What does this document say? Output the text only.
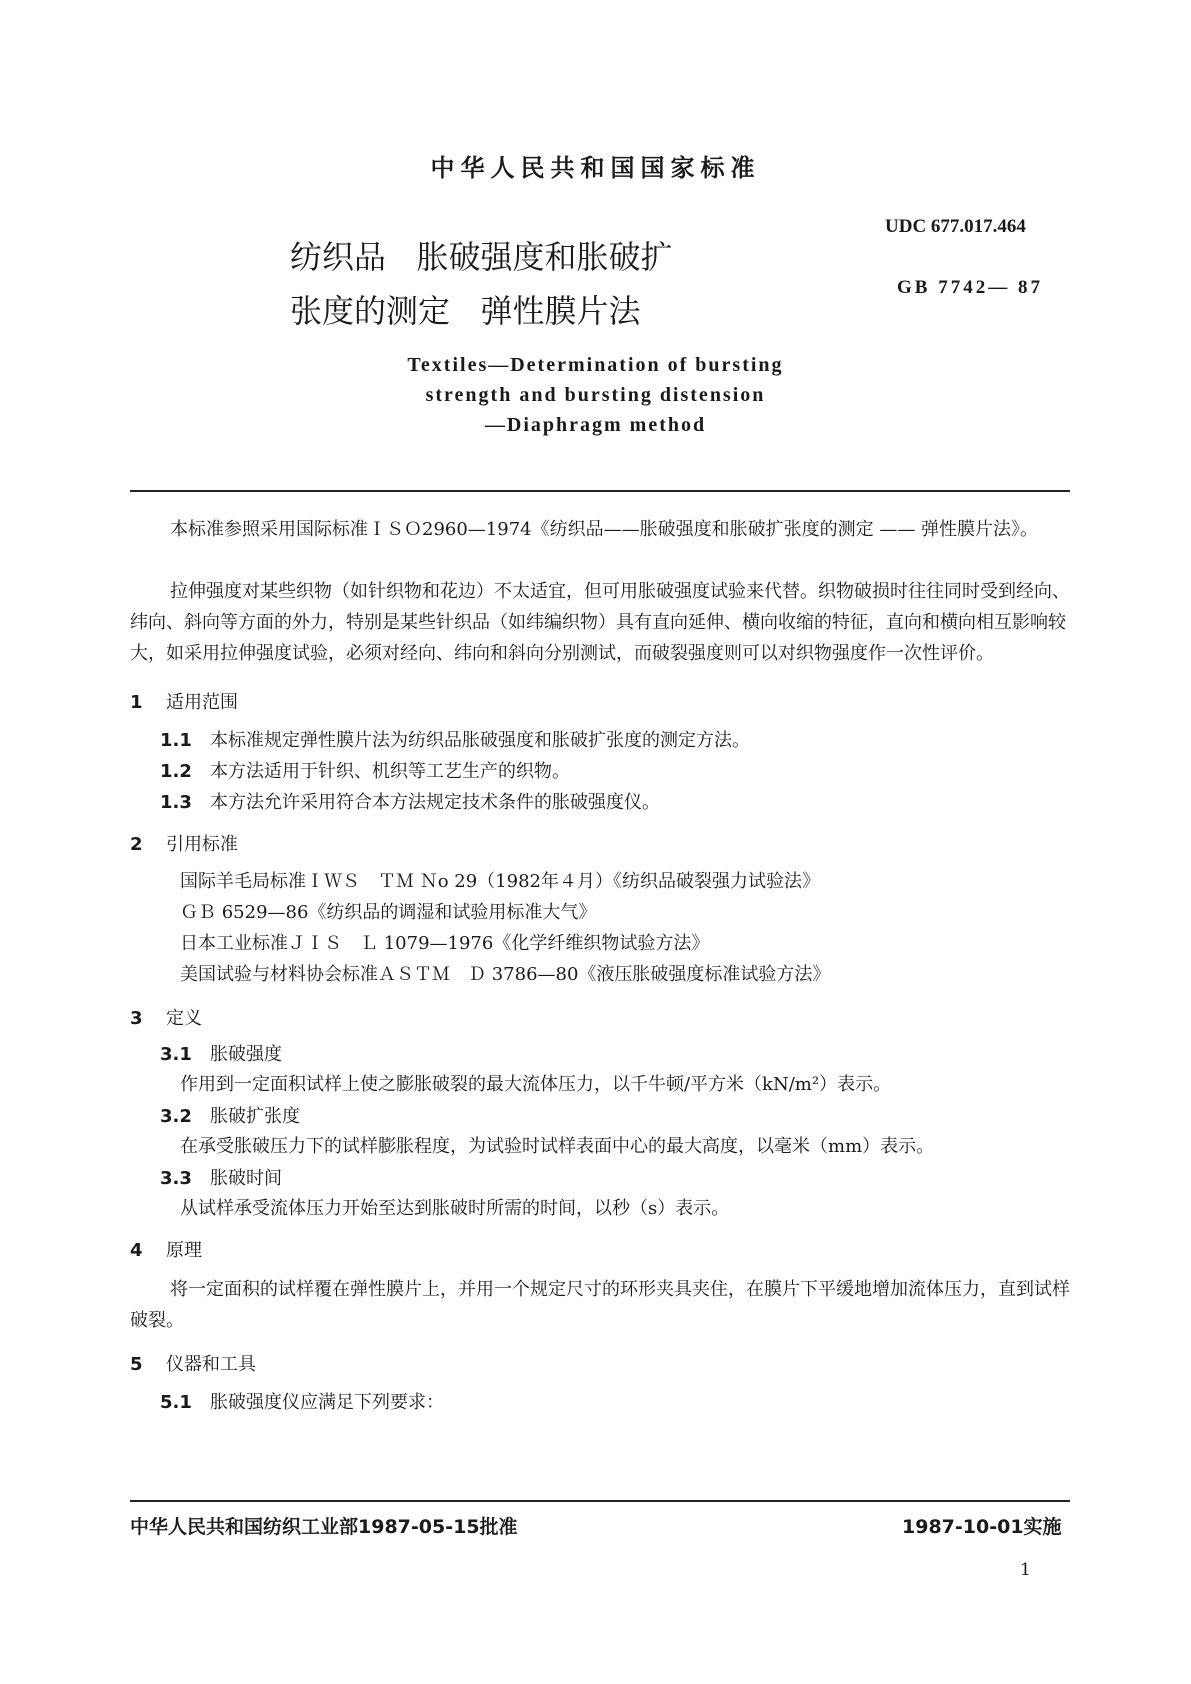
中华人民共和国国家标准
UDC 677.017.464
GB 7742— 87
纺织品   胀破强度和胀破扩
张度的测定   弹性膜片法
Textiles—Determination of bursting
strength and bursting distension
—Diaphragm method
本标准参照采用国际标准ＩＳＯ2960—1974《纺织品——胀破强度和胀破扩张度的测定 —— 弹性膜片法》。
拉伸强度对某些织物（如针织物和花边）不太适宜，但可用胀破强度试验来代替。织物破损时往往同时受到经向、纬向、斜向等方面的外力，特别是某些针织品（如纬编织物）具有直向延伸、横向收缩的特征，直向和横向相互影响较大，如采用拉伸强度试验，必须对经向、纬向和斜向分别测试，而破裂强度则可以对织物强度作一次性评价。
1 适用范围
1.1 本标准规定弹性膜片法为纺织品胀破强度和胀破扩张度的测定方法。
1.2 本方法适用于针织、机织等工艺生产的织物。
1.3 本方法允许采用符合本方法规定技术条件的胀破强度仪。
2 引用标准
国际羊毛局标准ＩＷＳ　ＴＭ Ｎo 29（1982年４月）《纺织品破裂强力试验法》
ＧＢ 6529—86《纺织品的调湿和试验用标准大气》
日本工业标准ＪＩＳ　Ｌ 1079—1976《化学纤维织物试验方法》
美国试验与材料协会标准ＡＳＴＭ　Ｄ 3786—80《液压胀破强度标准试验方法》
3 定义
3.1 胀破强度
作用到一定面积试样上使之膨胀破裂的最大流体压力，以千牛顿/平方米（kN/m²）表示。
3.2 胀破扩张度
在承受胀破压力下的试样膨胀程度，为试验时试样表面中心的最大高度，以毫米（mm）表示。
3.3 胀破时间
从试样承受流体压力开始至达到胀破时所需的时间，以秒（s）表示。
4 原理
将一定面积的试样覆在弹性膜片上，并用一个规定尺寸的环形夹具夹住，在膜片下平缓地增加流体压力，直到试样破裂。
5 仪器和工具
5.1 胀破强度仪应满足下列要求：
中华人民共和国纺织工业部1987-05-15批准	1987-10-01实施
1
